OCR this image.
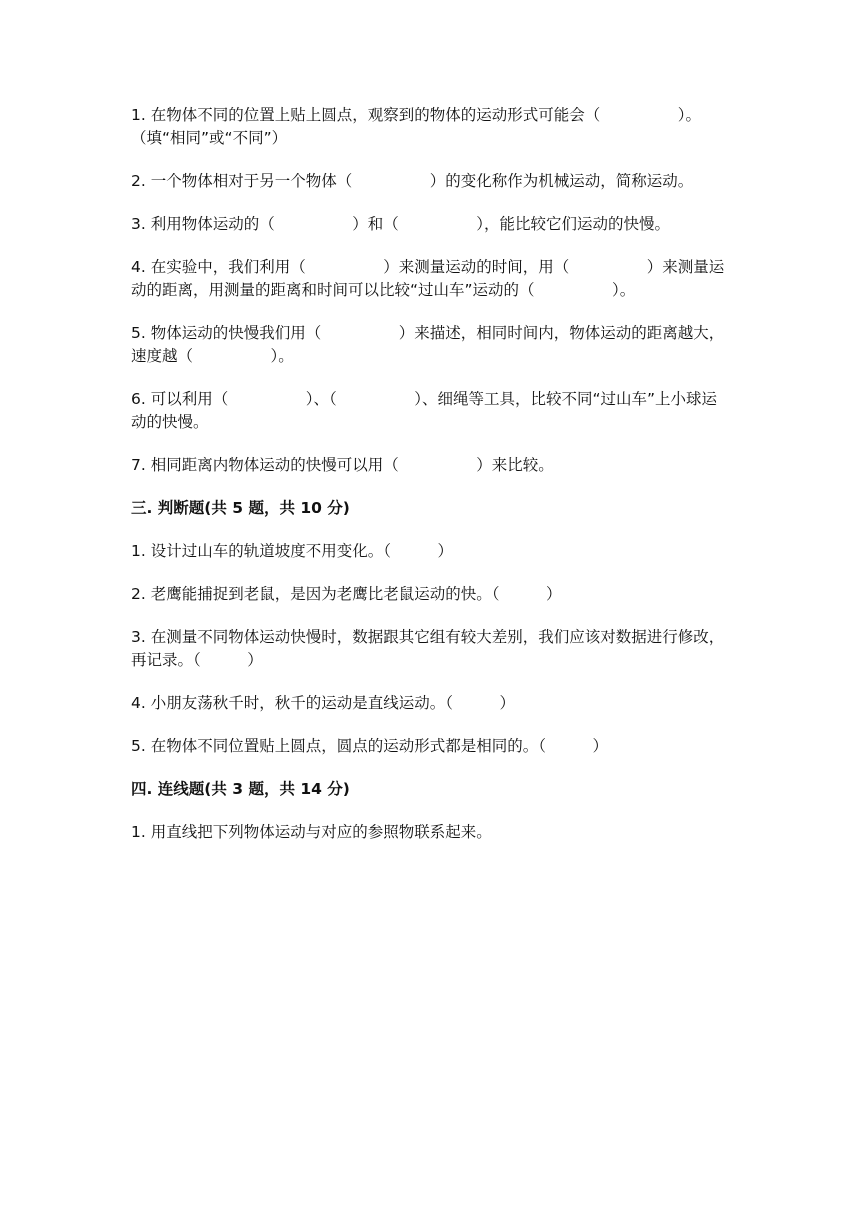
1. 在物体不同的位置上贴上圆点，观察到的物体的运动形式可能会（　　　　　）。（填“相同”或“不同”）

2. 一个物体相对于另一个物体（　　　　　）的变化称作为机械运动，简称运动。

3. 利用物体运动的（　　　　　）和（　　　　　），能比较它们运动的快慢。

4. 在实验中，我们利用（　　　　　）来测量运动的时间，用（　　　　　）来测量运动的距离，用测量的距离和时间可以比较“过山车”运动的（　　　　　）。

5. 物体运动的快慢我们用（　　　　　）来描述，相同时间内，物体运动的距离越大，速度越（　　　　　）。

6. 可以利用（　　　　　）、（　　　　　）、细绳等工具，比较不同“过山车”上小球运动的快慢。

7. 相同距离内物体运动的快慢可以用（　　　　　）来比较。

三. 判断题(共 5 题，共 10 分)

1. 设计过山车的轨道坡度不用变化。（　　　）

2. 老鹰能捕捉到老鼠，是因为老鹰比老鼠运动的快。（　　　）

3. 在测量不同物体运动快慢时，数据跟其它组有较大差别，我们应该对数据进行修改，再记录。（　　　）

4. 小朋友荡秋千时，秋千的运动是直线运动。（　　　）

5. 在物体不同位置贴上圆点，圆点的运动形式都是相同的。（　　　）

四. 连线题(共 3 题，共 14 分)

1. 用直线把下列物体运动与对应的参照物联系起来。
